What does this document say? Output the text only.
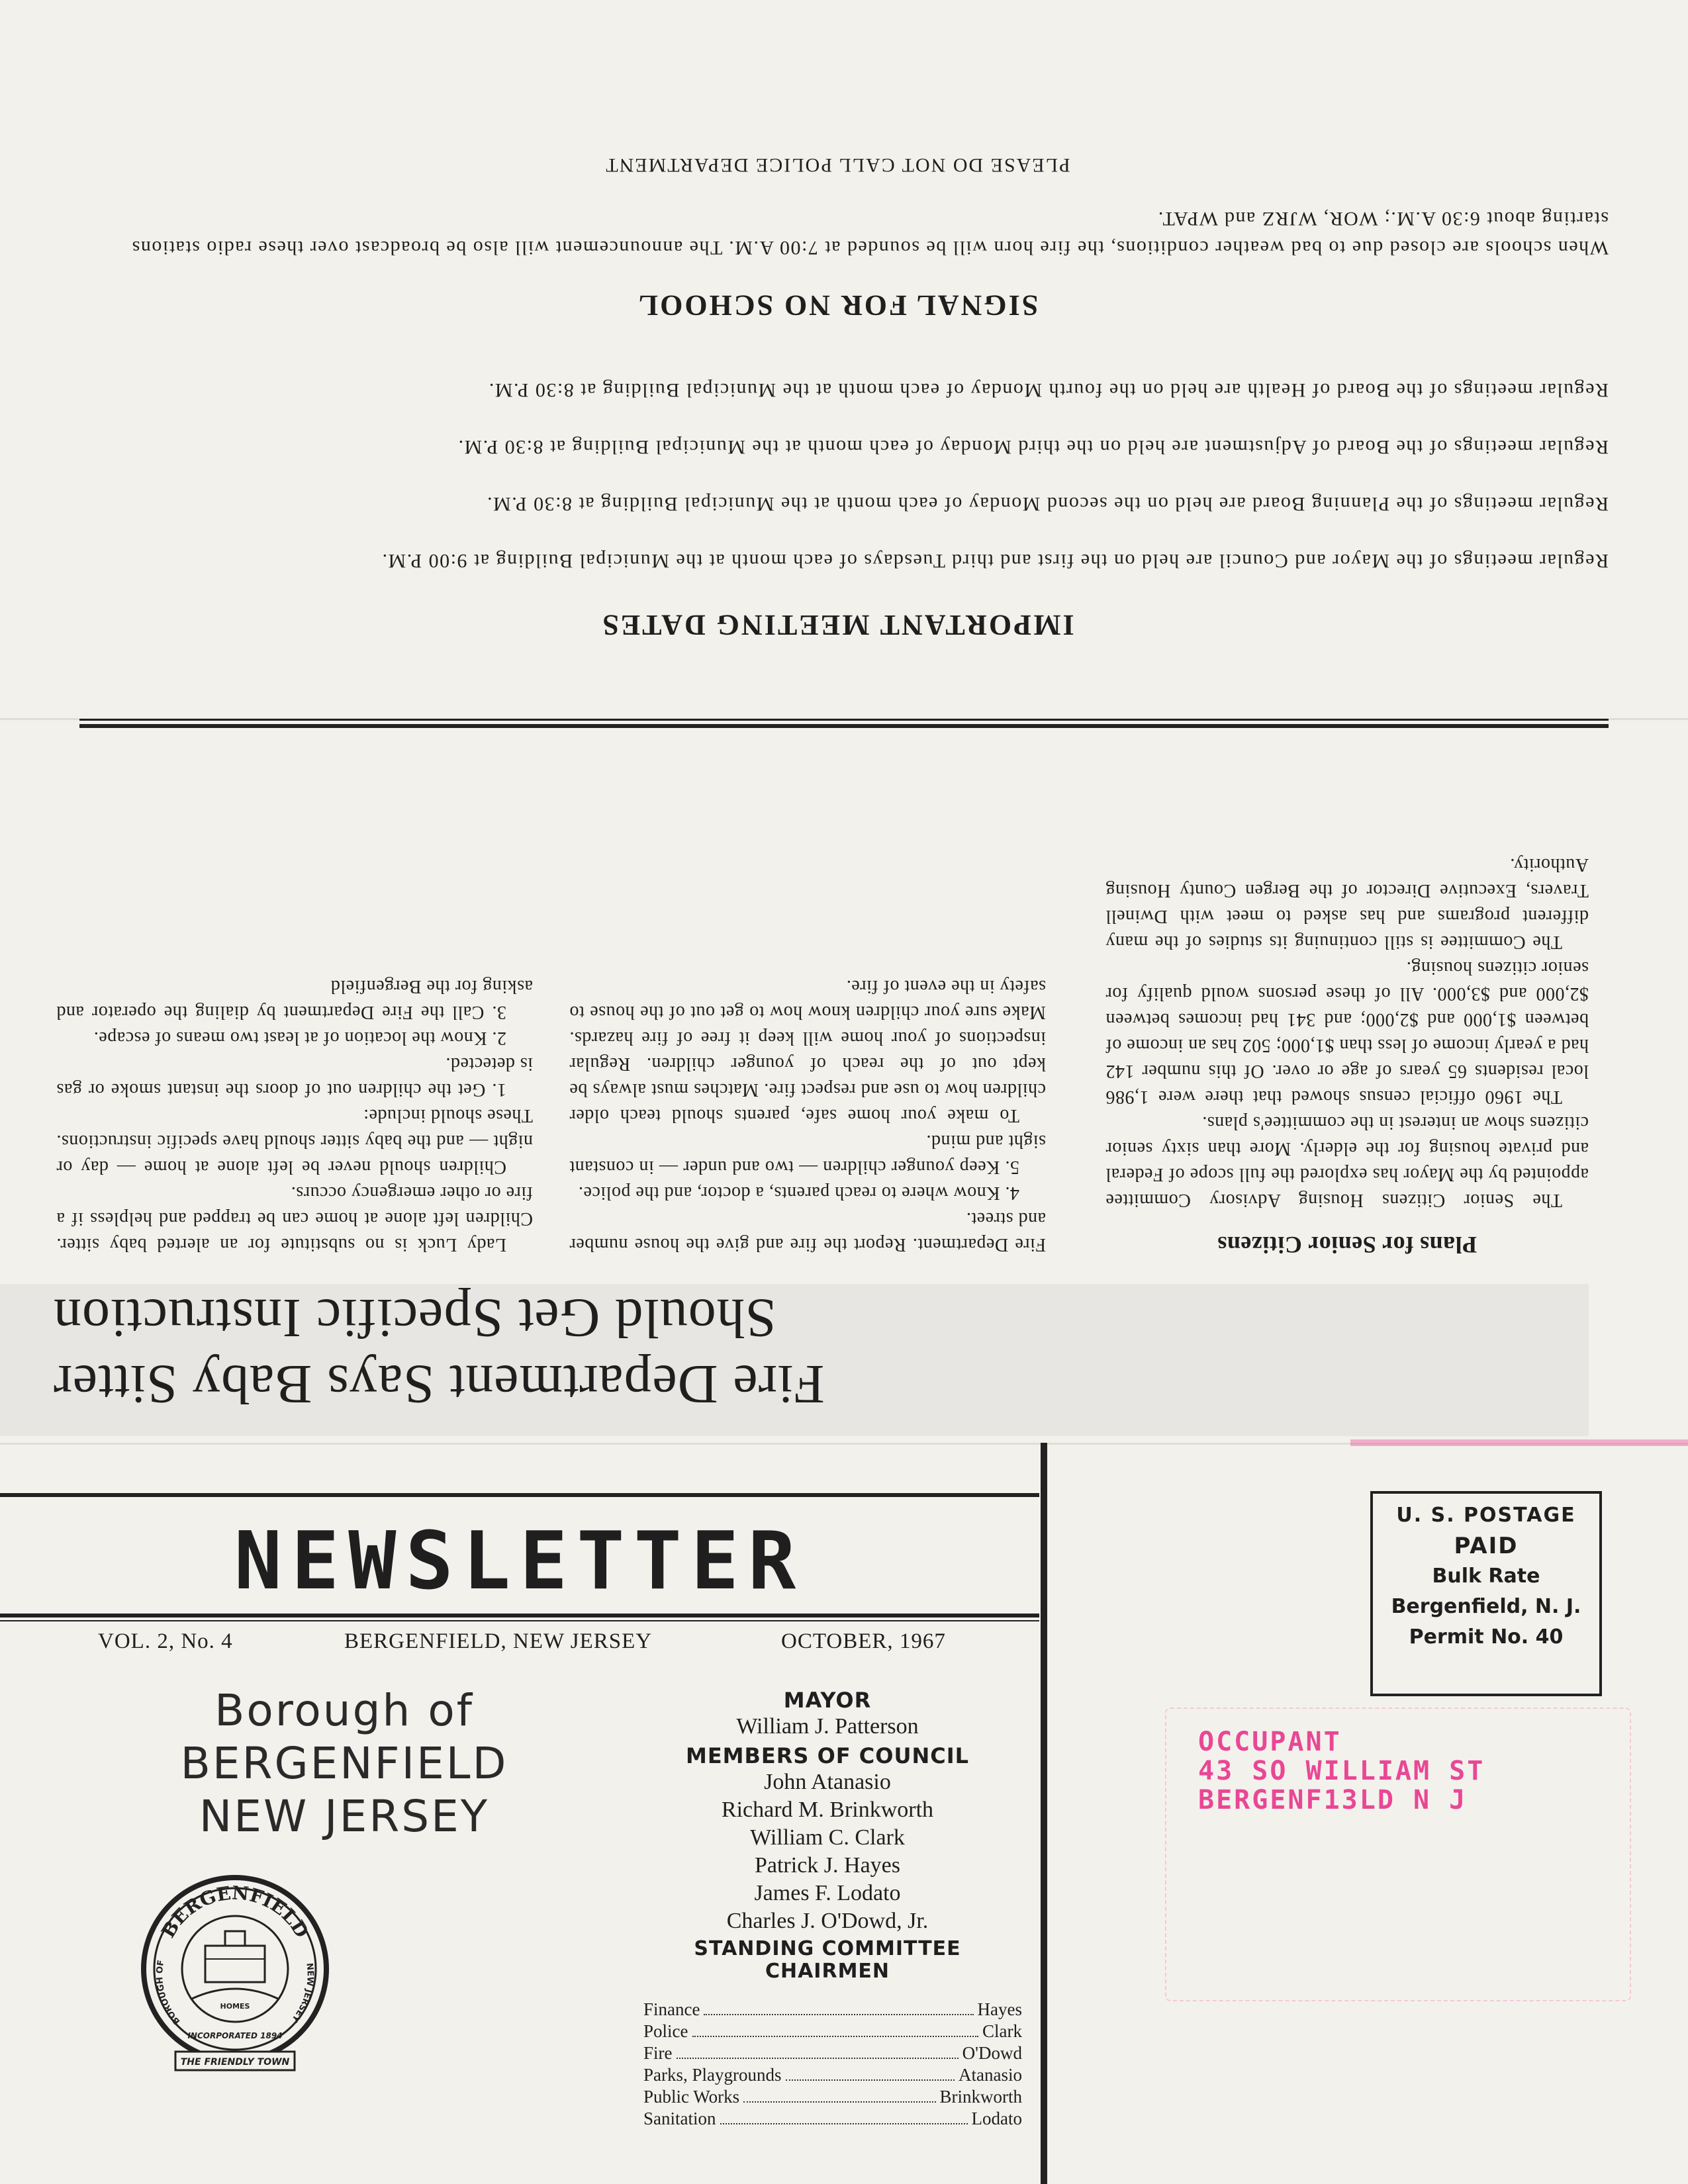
Fire Department Says Baby Sitter
Should Get Specific Instruction

Lady Luck is no substitute for an alerted baby sitter. Children left alone at home can be trapped and helpless if a fire or other emergency occurs.

Children should never be left alone at home — day or night — and the baby sitter should have specific instructions. These should include:

1. Get the children out of doors the instant smoke or gas is detected.

2. Know the location of at least two means of escape.

3. Call the Fire Department by dialing the operator and asking for the Bergenfield

Fire Department. Report the fire and give the house number and street.

4. Know where to reach parents, a doctor, and the police.

5. Keep younger children — two and under — in constant sight and mind.

To make your home safe, parents should teach older children how to use and respect fire. Matches must always be kept out of the reach of younger children. Regular inspections of your home will keep it free of fire hazards. Make sure your children know how to get out of the house to safety in the event of fire.

Plans for Senior Citizens

The Senior Citizens Housing Advisory Committee appointed by the Mayor has explored the full scope of Federal and private housing for the elderly. More than sixty senior citizens show an interest in the committee's plans.

The 1960 official census showed that there were 1,986 local residents 65 years of age or over. Of this number 142 had a yearly income of less than $1,000; 502 has an income of between $1,000 and $2,000; and 341 had incomes between $2,000 and $3,000. All of these persons would qualify for senior citizens housing.

The Committee is still continuing its studies of the many different programs and has asked to meet with Dwinell Travers, Executive Director of the Bergen County Housing Authority.

IMPORTANT MEETING DATES

Regular meetings of the Mayor and Council are held on the first and third Tuesdays of each month at the Municipal Building at 9:00 P.M.

Regular meetings of the Planning Board are held on the second Monday of each month at the Municipal Building at 8:30 P.M.

Regular meetings of the Board of Adjustment are held on the third Monday of each month at the Municipal Building at 8:30 P.M.

Regular meetings of the Board of Health are held on the fourth Monday of each month at the Municipal Building at 8:30 P.M.

SIGNAL FOR NO SCHOOL

When schools are closed due to bad weather conditions, the fire horn will be sounded at 7:00 A.M. The announcement will also be broadcast over these radio stations starting about 6:30 A.M.; WOR, WJRZ and WPAT.

PLEASE DO NOT CALL POLICE DEPARTMENT
NEWSLETTER
VOL. 2, No. 4	BERGENFIELD, NEW JERSEY	OCTOBER, 1967
Borough of
BERGENFIELD
NEW JERSEY
BERGENFIELD
BOROUGH OF	NEW JERSEY
HOMES
INCORPORATED 1894
THE FRIENDLY TOWN
MAYOR
William J. Patterson
MEMBERS OF COUNCIL
John Atanasio
Richard M. Brinkworth
William C. Clark
Patrick J. Hayes
James F. Lodato
Charles J. O'Dowd, Jr.
STANDING COMMITTEE
CHAIRMEN
Finance	Hayes
Police	Clark
Fire	O'Dowd
Parks, Playgrounds	Atanasio
Public Works	Brinkworth
Sanitation	Lodato
U. S. POSTAGE
PAID
Bulk Rate
Bergenfield, N. J.
Permit No. 40
OCCUPANT
43 SO WILLIAM ST
BERGENF13LD N J
